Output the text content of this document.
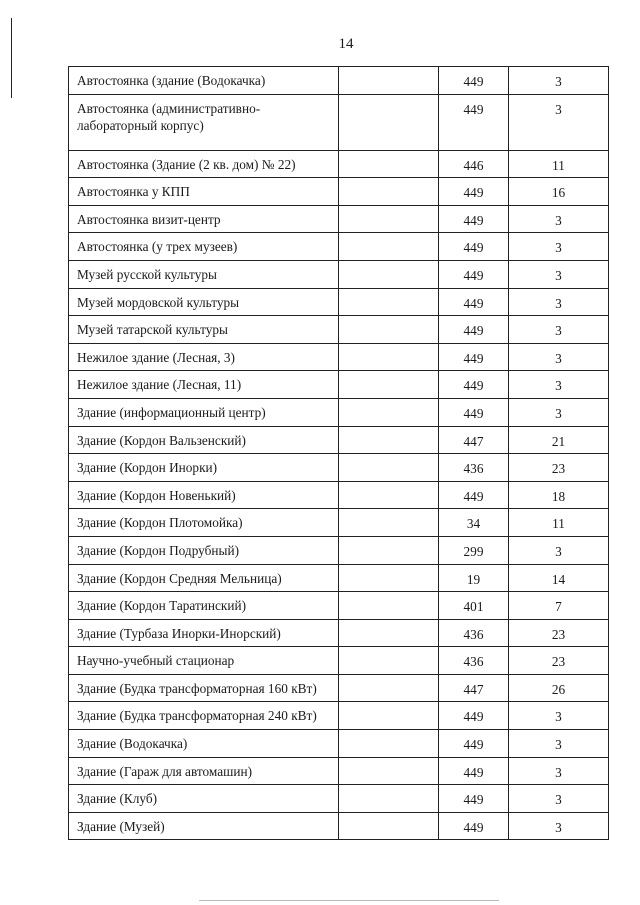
14
Автостоянка (здание (Водокачка)		449	3
Автостоянка (административно-лабораторный корпус)		449	3
Автостоянка (Здание (2 кв. дом) № 22)		446	11
Автостоянка у КПП		449	16
Автостоянка визит-центр		449	3
Автостоянка (у трех музеев)		449	3
Музей русской культуры		449	3
Музей мордовской культуры		449	3
Музей татарской культуры		449	3
Нежилое здание (Лесная, 3)		449	3
Нежилое здание (Лесная, 11)		449	3
Здание (информационный центр)		449	3
Здание (Кордон Вальзенский)		447	21
Здание (Кордон Инорки)		436	23
Здание (Кордон Новенький)		449	18
Здание (Кордон Плотомойка)		34	11
Здание (Кордон Подрубный)		299	3
Здание (Кордон Средняя Мельница)		19	14
Здание (Кордон Таратинский)		401	7
Здание (Турбаза Инорки-Инорский)		436	23
Научно-учебный стационар		436	23
Здание (Будка трансформаторная 160 кВт)		447	26
Здание (Будка трансформаторная 240 кВт)		449	3
Здание (Водокачка)		449	3
Здание (Гараж для автомашин)		449	3
Здание (Клуб)		449	3
Здание (Музей)		449	3
